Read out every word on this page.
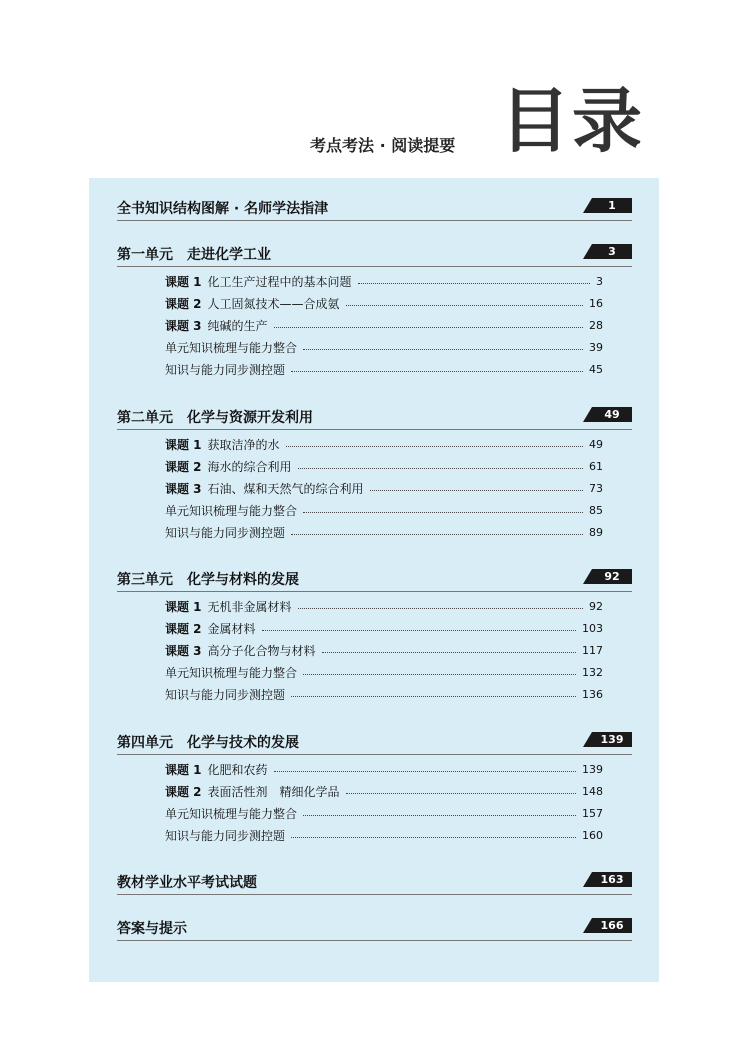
考点考法 · 阅读提要 目录
全书知识结构图解 · 名师学法指津	1
第一单元　走进化学工业	3
课题 1 化工生产过程中的基本问题	3
课题 2 人工固氮技术——合成氨	16
课题 3 纯碱的生产	28
单元知识梳理与能力整合	39
知识与能力同步测控题	45
第二单元　化学与资源开发利用	49
课题 1 获取洁净的水	49
课题 2 海水的综合利用	61
课题 3 石油、煤和天然气的综合利用	73
单元知识梳理与能力整合	85
知识与能力同步测控题	89
第三单元　化学与材料的发展	92
课题 1 无机非金属材料	92
课题 2 金属材料	103
课题 3 高分子化合物与材料	117
单元知识梳理与能力整合	132
知识与能力同步测控题	136
第四单元　化学与技术的发展	139
课题 1 化肥和农药	139
课题 2 表面活性剂　精细化学品	148
单元知识梳理与能力整合	157
知识与能力同步测控题	160
教材学业水平考试试题	163
答案与提示	166
